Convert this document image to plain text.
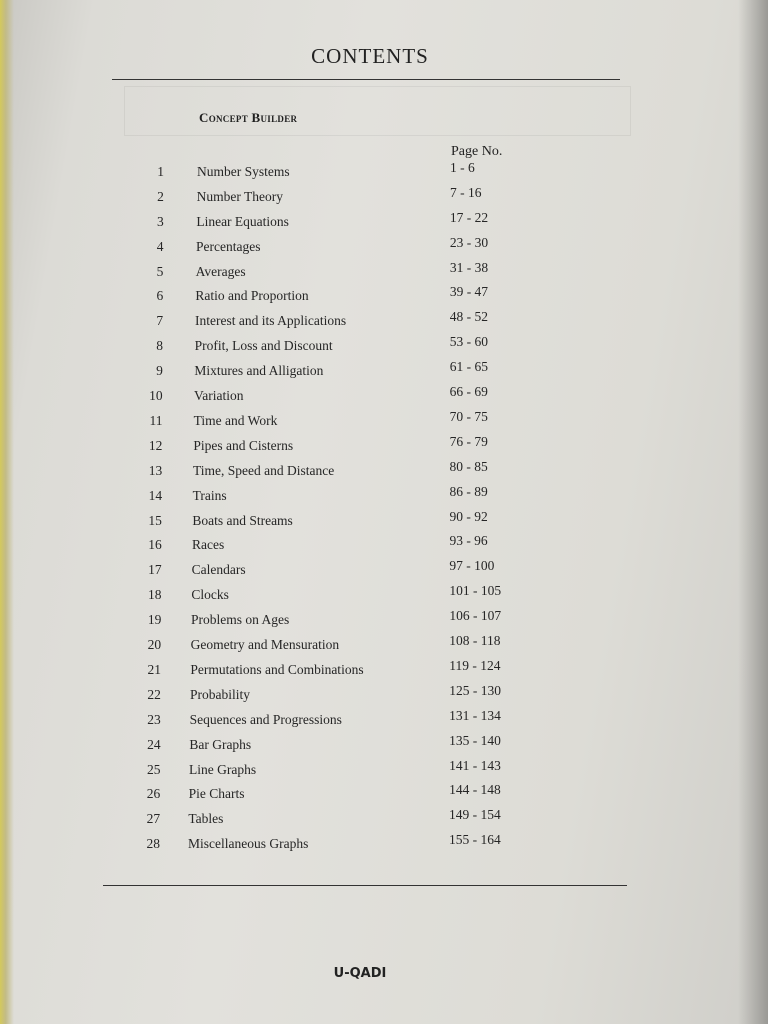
CONTENTS
Concept Builder
Page No.
1 Number Systems	1 - 6
2 Number Theory	7 - 16
3 Linear Equations	17 - 22
4 Percentages	23 - 30
5 Averages	31 - 38
6 Ratio and Proportion	39 - 47
7 Interest and its Applications	48 - 52
8 Profit, Loss and Discount	53 - 60
9 Mixtures and Alligation	61 - 65
10 Variation	66 - 69
11 Time and Work	70 - 75
12 Pipes and Cisterns	76 - 79
13 Time, Speed and Distance	80 - 85
14 Trains	86 - 89
15 Boats and Streams	90 - 92
16 Races	93 - 96
17 Calendars	97 - 100
18 Clocks	101 - 105
19 Problems on Ages	106 - 107
20 Geometry and Mensuration	108 - 118
21 Permutations and Combinations	119 - 124
22 Probability	125 - 130
23 Sequences and Progressions	131 - 134
24 Bar Graphs	135 - 140
25 Line Graphs	141 - 143
26 Pie Charts	144 - 148
27 Tables	149 - 154
28 Miscellaneous Graphs	155 - 164
U-QADI
